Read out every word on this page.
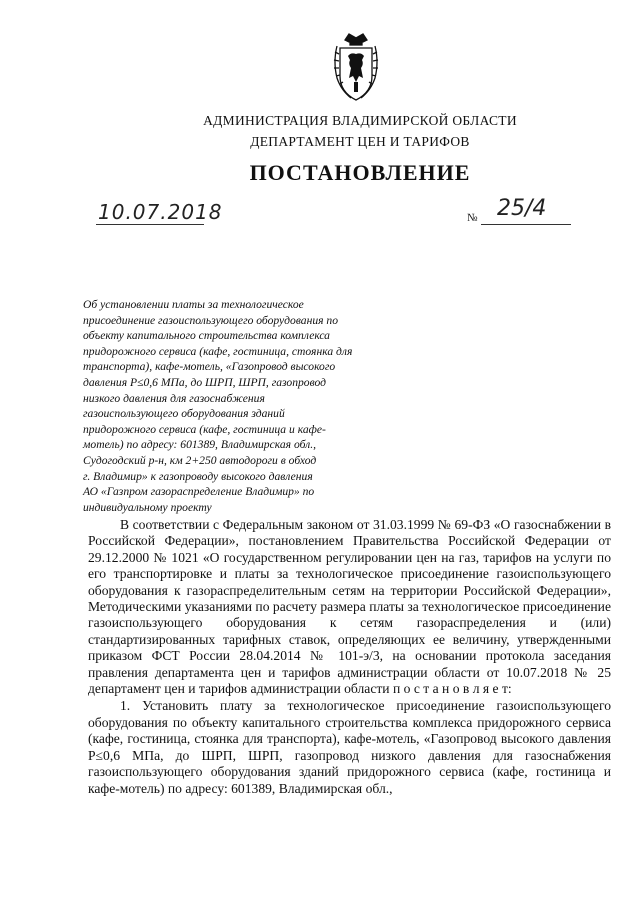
АДМИНИСТРАЦИЯ ВЛАДИМИРСКОЙ ОБЛАСТИ
ДЕПАРТАМЕНТ ЦЕН И ТАРИФОВ
ПОСТАНОВЛЕНИЕ
10.07.2018	№ 25/4
Об установлении платы за технологическое
присоединение газоиспользующего оборудования по
объекту капитального строительства комплекса
придорожного сервиса (кафе, гостиница, стоянка для
транспорта), кафе-мотель, «Газопровод высокого
давления Р≤0,6 МПа, до ШРП, ШРП, газопровод
низкого давления для газоснабжения
газоиспользующего оборудования зданий
придорожного сервиса (кафе, гостиница и кафе-
мотель) по адресу: 601389, Владимирская обл.,
Судогодский р-н, км 2+250 автодороги в обход
г. Владимир» к газопроводу высокого давления
АО «Газпром газораспределение Владимир» по
индивидуальному проекту

В соответствии с Федеральным законом от 31.03.1999 № 69-ФЗ «О газоснабжении в Российской Федерации», постановлением Правительства Российской Федерации от 29.12.2000 № 1021 «О государственном регулировании цен на газ, тарифов на услуги по его транспортировке и платы за технологическое присоединение газоиспользующего оборудования к газораспределительным сетям на территории Российской Федерации», Методическими указаниями по расчету размера платы за технологическое присоединение газоиспользующего оборудования к сетям газораспределения и (или) стандартизированных тарифных ставок, определяющих ее величину, утвержденными приказом ФСТ России 28.04.2014 № 101-э/3, на основании протокола заседания правления департамента цен и тарифов администрации области от 10.07.2018 № 25 департамент цен и тарифов администрации области п о с т а н о в л я е т:

1. Установить плату за технологическое присоединение газоиспользующего оборудования по объекту капитального строительства комплекса придорожного сервиса (кафе, гостиница, стоянка для транспорта), кафе-мотель, «Газопровод высокого давления Р≤0,6 МПа, до ШРП, ШРП, газопровод низкого давления для газоснабжения газоиспользующего оборудования зданий придорожного сервиса (кафе, гостиница и кафе-мотель) по адресу: 601389, Владимирская обл.,
